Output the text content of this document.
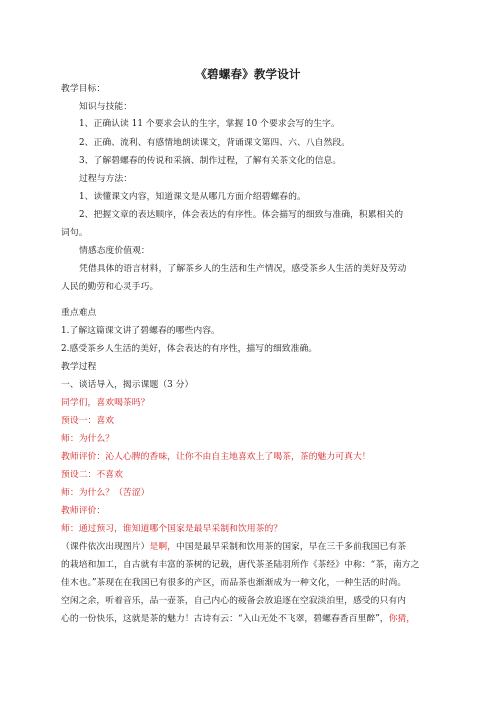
《碧螺春》教学设计
教学目标：
知识与技能：
1、正确认读 11 个要求会认的生字，掌握 10 个要求会写的生字。
2、正确、流利、有感情地朗读课文，背诵课文第四、六、八自然段。
3、了解碧螺春的传说和采摘、制作过程，了解有关茶文化的信息。
过程与方法：
1、读懂课文内容，知道课文是从哪几方面介绍碧螺春的。
2、把握文章的表达顺序，体会表达的有序性。体会描写的细致与准确，积累相关的
词句。
情感态度价值观：
凭借具体的语言材料，了解茶乡人的生活和生产情况，感受茶乡人生活的美好及劳动
人民的勤劳和心灵手巧。
重点难点
1.了解这篇课文讲了碧螺春的哪些内容。
2.感受茶乡人生活的美好，体会表达的有序性，描写的细致准确。
教学过程
一、谈话导入，揭示课题（3 分）
同学们，喜欢喝茶吗？
预设一：喜欢
师：为什么？
教师评价：沁人心脾的香味，让你不由自主地喜欢上了喝茶，茶的魅力可真大！
预设二：不喜欢
师：为什么？（苦涩）
教师评价：
师：通过预习，谁知道哪个国家是最早采制和饮用茶的？
（课件依次出现图片）是啊，中国是最早采制和饮用茶的国家，早在三千多前我国已有茶
的栽培和加工，自古就有丰富的茶树的记载，唐代茶圣陆羽所作《茶经》中称：“茶，南方之
佳木也。”茶现在在我国已有很多的产区，而品茶也渐渐成为一种文化，一种生活的时尚。
空闲之余，听着音乐，品一壶茶，自己内心的疲备会放追逐在空寂淡泊里，感受的只有内
心的一份快乐，这就是茶的魅力！古诗有云：“入山无处不飞翠，碧螺春香百里醉”，你猜，
